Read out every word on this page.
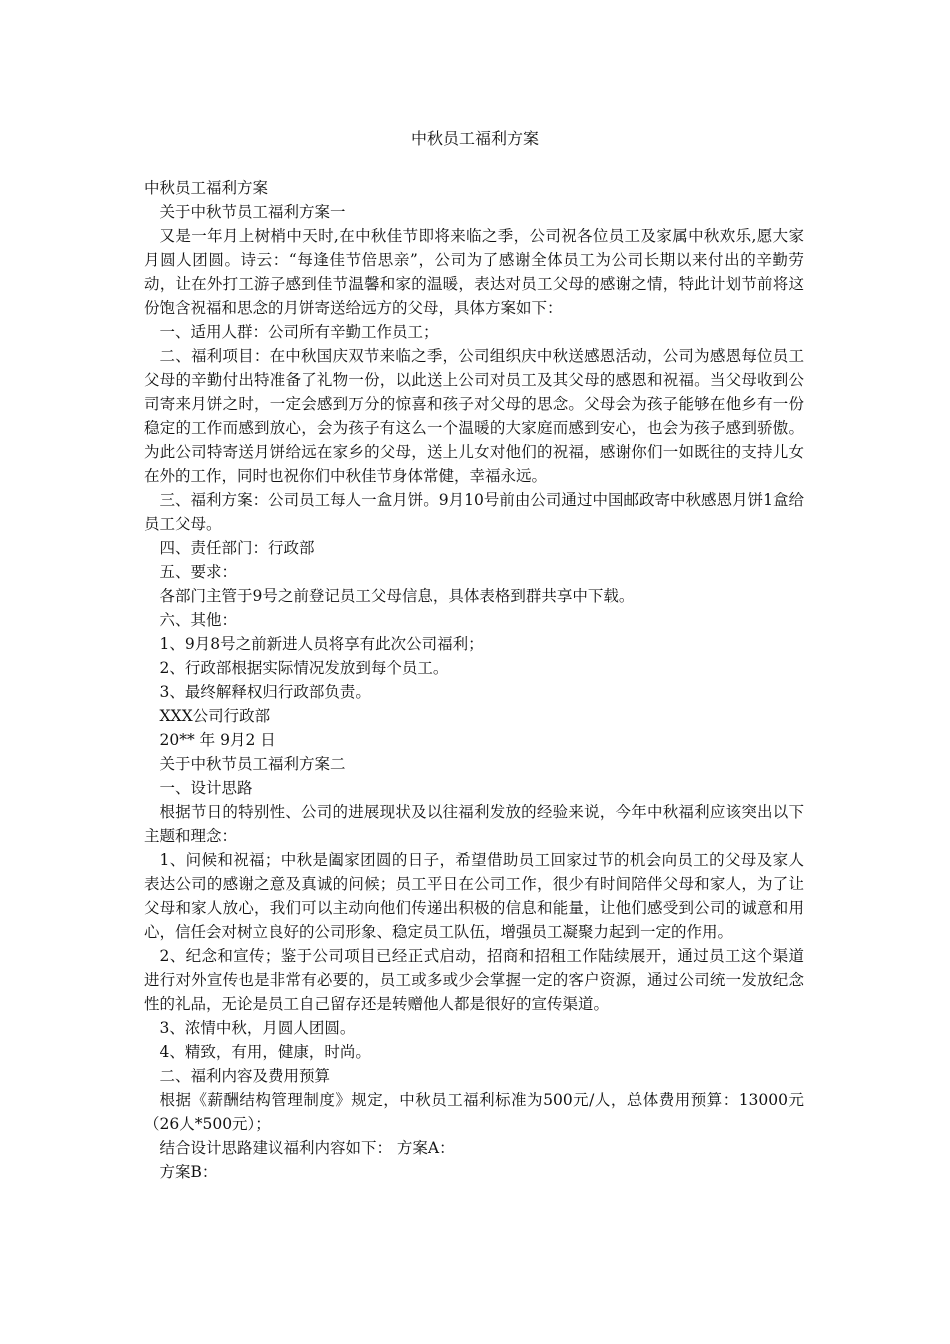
中秋员工福利方案

中秋员工福利方案

关于中秋节员工福利方案一

又是一年月上树梢中天时,在中秋佳节即将来临之季，公司祝各位员工及家属中秋欢乐,愿大家月圆人团圆。诗云：“每逢佳节倍思亲”，公司为了感谢全体员工为公司长期以来付出的辛勤劳动，让在外打工游子感到佳节温馨和家的温暖，表达对员工父母的感谢之情，特此计划节前将这份饱含祝福和思念的月饼寄送给远方的父母，具体方案如下：

一、适用人群：公司所有辛勤工作员工；

二、福利项目：在中秋国庆双节来临之季，公司组织庆中秋送感恩活动，公司为感恩每位员工父母的辛勤付出特准备了礼物一份，以此送上公司对员工及其父母的感恩和祝福。当父母收到公司寄来月饼之时，一定会感到万分的惊喜和孩子对父母的思念。父母会为孩子能够在他乡有一份稳定的工作而感到放心，会为孩子有这么一个温暖的大家庭而感到安心，也会为孩子感到骄傲。为此公司特寄送月饼给远在家乡的父母，送上儿女对他们的祝福，感谢你们一如既往的支持儿女在外的工作，同时也祝你们中秋佳节身体常健，幸福永远。

三、福利方案：公司员工每人一盒月饼。9月10号前由公司通过中国邮政寄中秋感恩月饼1盒给员工父母。

四、责任部门：行政部

五、要求：

各部门主管于9号之前登记员工父母信息，具体表格到群共享中下载。

六、其他：

1、9月8号之前新进人员将享有此次公司福利；

2、行政部根据实际情况发放到每个员工。

3、最终解释权归行政部负责。

XXX公司行政部

20** 年 9月2 日

关于中秋节员工福利方案二

一、设计思路

根据节日的特别性、公司的进展现状及以往福利发放的经验来说，今年中秋福利应该突出以下主题和理念：

1、问候和祝福；中秋是阖家团圆的日子，希望借助员工回家过节的机会向员工的父母及家人表达公司的感谢之意及真诚的问候；员工平日在公司工作，很少有时间陪伴父母和家人，为了让父母和家人放心，我们可以主动向他们传递出积极的信息和能量，让他们感受到公司的诚意和用心，信任会对树立良好的公司形象、稳定员工队伍，增强员工凝聚力起到一定的作用。

2、纪念和宣传；鉴于公司项目已经正式启动，招商和招租工作陆续展开，通过员工这个渠道进行对外宣传也是非常有必要的，员工或多或少会掌握一定的客户资源，通过公司统一发放纪念性的礼品，无论是员工自己留存还是转赠他人都是很好的宣传渠道。

3、浓情中秋，月圆人团圆。

4、精致，有用，健康，时尚。

二、福利内容及费用预算

根据《薪酬结构管理制度》规定，中秋员工福利标准为500元/人，总体费用预算：13000元（26人*500元）；

结合设计思路建议福利内容如下： 方案A：

方案B：
